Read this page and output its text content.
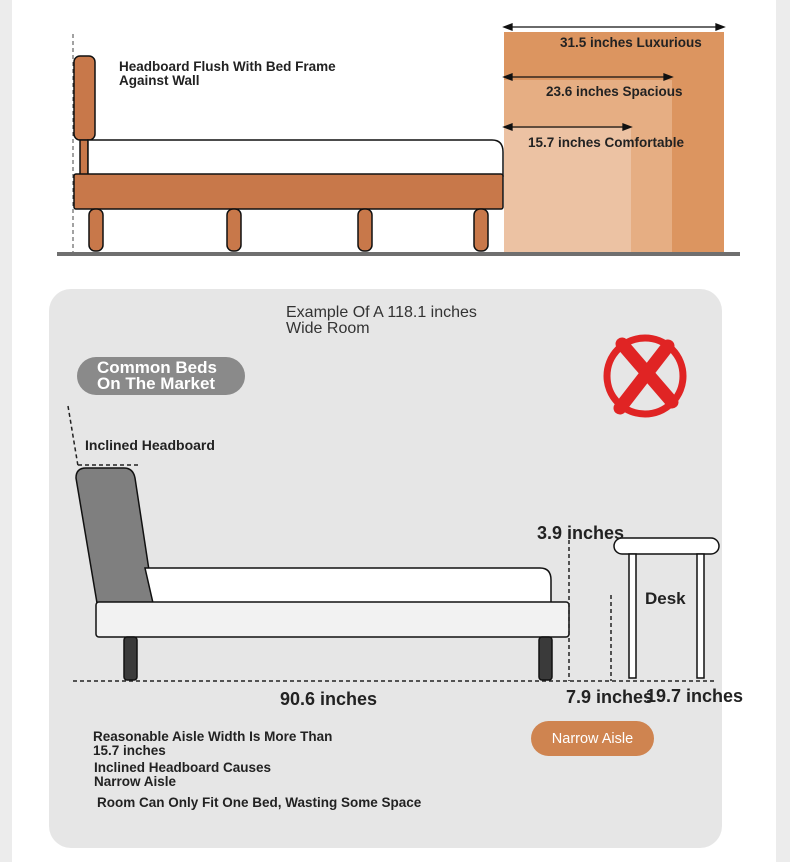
Headboard Flush With Bed Frame
Against Wall
31.5 inches Luxurious
23.6 inches Spacious
15.7 inches Comfortable
Example Of A 118.1 inches
Wide Room
Common Beds
On The Market
Inclined Headboard
3.9 inches
Desk
90.6 inches	7.9 inches
19.7 inches
Reasonable Aisle Width Is More Than
15.7 inches
Inclined Headboard Causes
Narrow Aisle
Room Can Only Fit One Bed, Wasting Some Space
Narrow Aisle
